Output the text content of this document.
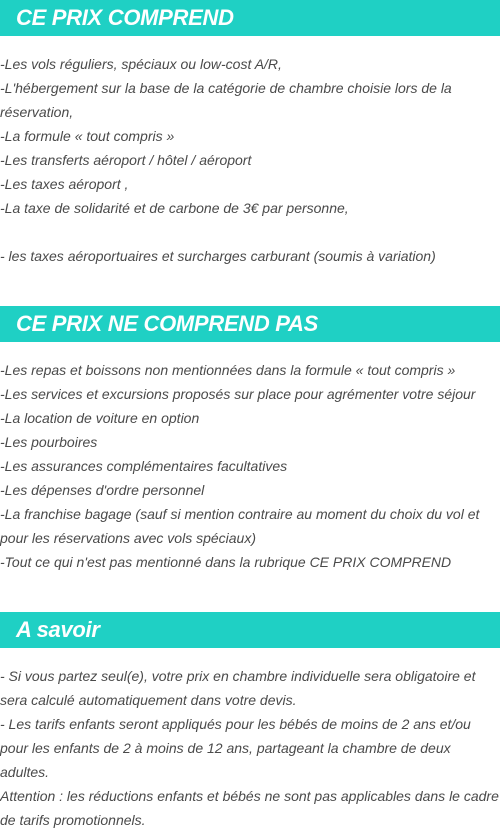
CE PRIX COMPREND
-Les vols réguliers, spéciaux ou low-cost A/R,
-L'hébergement sur la base de la catégorie de chambre choisie lors de la réservation,
-La formule « tout compris »
-Les transferts aéroport / hôtel / aéroport
-Les taxes aéroport ,
-La taxe de solidarité et de carbone de 3€ par personne,
- les taxes aéroportuaires et surcharges carburant (soumis à variation)
CE PRIX NE COMPREND PAS
-Les repas et boissons non mentionnées dans la formule « tout compris »
-Les services et excursions proposés sur place pour agrémenter votre séjour
-La location de voiture en option
-Les pourboires
-Les assurances complémentaires facultatives
-Les dépenses d'ordre personnel
-La franchise bagage (sauf si mention contraire au moment du choix du vol et pour les réservations avec vols spéciaux)
-Tout ce qui n'est pas mentionné dans la rubrique CE PRIX COMPREND
A savoir
- Si vous partez seul(e), votre prix en chambre individuelle sera obligatoire et sera calculé automatiquement dans votre devis.
- Les tarifs enfants seront appliqués pour les bébés de moins de 2 ans et/ou pour les enfants de 2 à moins de 12 ans, partageant la chambre de deux adultes.
Attention : les réductions enfants et bébés ne sont pas applicables dans le cadre de tarifs promotionnels.
